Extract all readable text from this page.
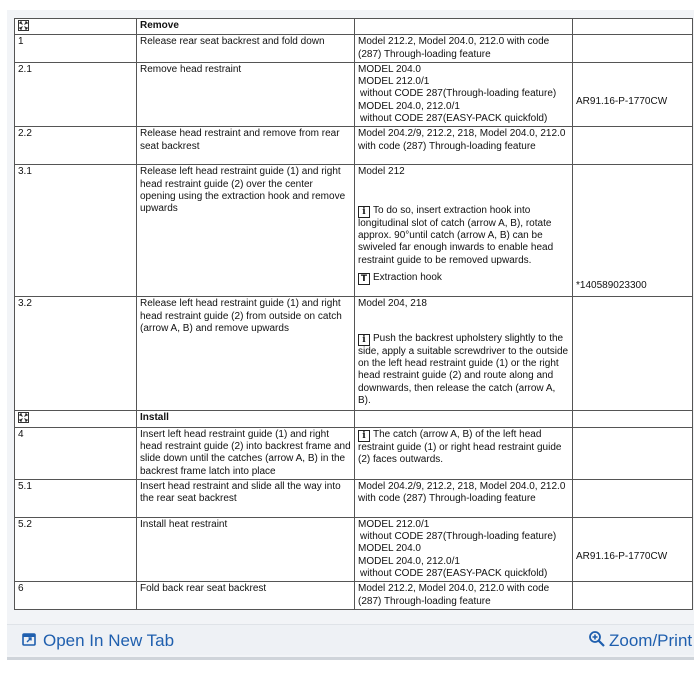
	Remove		
1	Release rear seat backrest and fold down	Model 212.2, Model 204.0, 212.0 with code (287) Through-loading feature	
2.1	Remove head restraint	MODEL 204.0
MODEL 212.0/1
without CODE 287(Through-loading feature)
MODEL 204.0, 212.0/1
without CODE 287(EASY-PACK quickfold)	AR91.16-P-1770CW
2.2	Release head restraint and remove from rear seat backrest	Model 204.2/9, 212.2, 218, Model 204.0, 212.0 with code (287) Through-loading feature	
3.1	Release left head restraint guide (1) and right head restraint guide (2) over the center opening using the extraction hook and remove upwards	Model 212
i To do so, insert extraction hook into longitudinal slot of catch (arrow A, B), rotate approx. 90°until catch (arrow A, B) can be swiveled far enough inwards to enable head restraint guide to be removed upwards.
T Extraction hook	*140589023300
3.2	Release left head restraint guide (1) and right head restraint guide (2) from outside on catch (arrow A, B) and remove upwards	Model 204, 218
i Push the backrest upholstery slightly to the side, apply a suitable screwdriver to the outside on the left head restraint guide (1) or the right head restraint guide (2) and route along and downwards, then release the catch (arrow A, B).	

	Install		
4	Insert left head restraint guide (1) and right head restraint guide (2) into backrest frame and slide down until the catches (arrow A, B) in the backrest frame latch into place	i The catch (arrow A, B) of the left head restraint guide (1) or right head restraint guide (2) faces outwards.	

5.1	Insert head restraint and slide all the way into the rear seat backrest	Model 204.2/9, 212.2, 218, Model 204.0, 212.0 with code (287) Through-loading feature	
5.2	Install heat restraint	MODEL 212.0/1
without CODE 287(Through-loading feature)
MODEL 204.0
MODEL 204.0, 212.0/1
without CODE 287(EASY-PACK quickfold)	AR91.16-P-1770CW
6	Fold back rear seat backrest	Model 212.2, Model 204.0, 212.0 with code (287) Through-loading feature	
Open In New Tab	Zoom/Print
